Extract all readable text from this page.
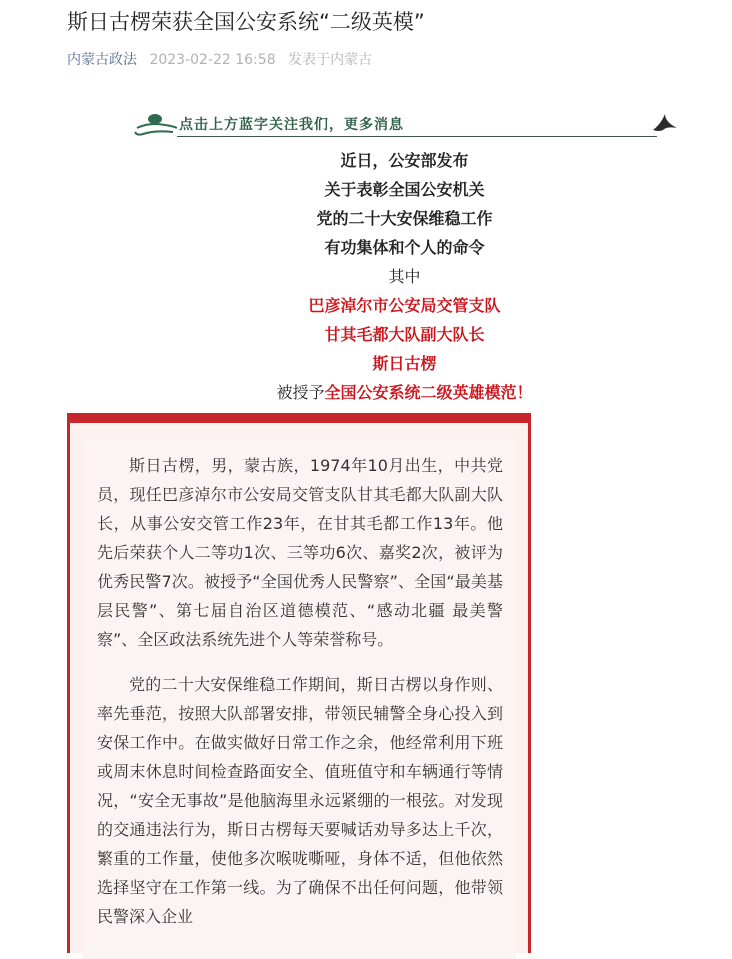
斯日古楞荣获全国公安系统“二级英模”
内蒙古政法 2023-02-22 16:58 发表于内蒙古
点击上方蓝字关注我们，更多消息
近日，公安部发布
关于表彰全国公安机关
党的二十大安保维稳工作
有功集体和个人的命令
其中
巴彦淖尔市公安局交管支队
甘其毛都大队副大队长
斯日古楞
被授予全国公安系统二级英雄模范！

斯日古楞，男，蒙古族，1974年10月出生，中共党员，现任巴彦淖尔市公安局交管支队甘其毛都大队副大队长，从事公安交管工作23年，在甘其毛都工作13年。他先后荣获个人二等功1次、三等功6次、嘉奖2次，被评为优秀民警7次。被授予“全国优秀人民警察”、全国“最美基层民警”、第七届自治区道德模范、“感动北疆 最美警察”、全区政法系统先进个人等荣誉称号。

党的二十大安保维稳工作期间，斯日古楞以身作则、率先垂范，按照大队部署安排，带领民辅警全身心投入到安保工作中。在做实做好日常工作之余，他经常利用下班或周末休息时间检查路面安全、值班值守和车辆通行等情况，“安全无事故”是他脑海里永远紧绷的一根弦。对发现的交通违法行为，斯日古楞每天要喊话劝导多达上千次，繁重的工作量，使他多次喉咙嘶哑，身体不适，但他依然选择坚守在工作第一线。为了确保不出任何问题，他带领民警深入企业
